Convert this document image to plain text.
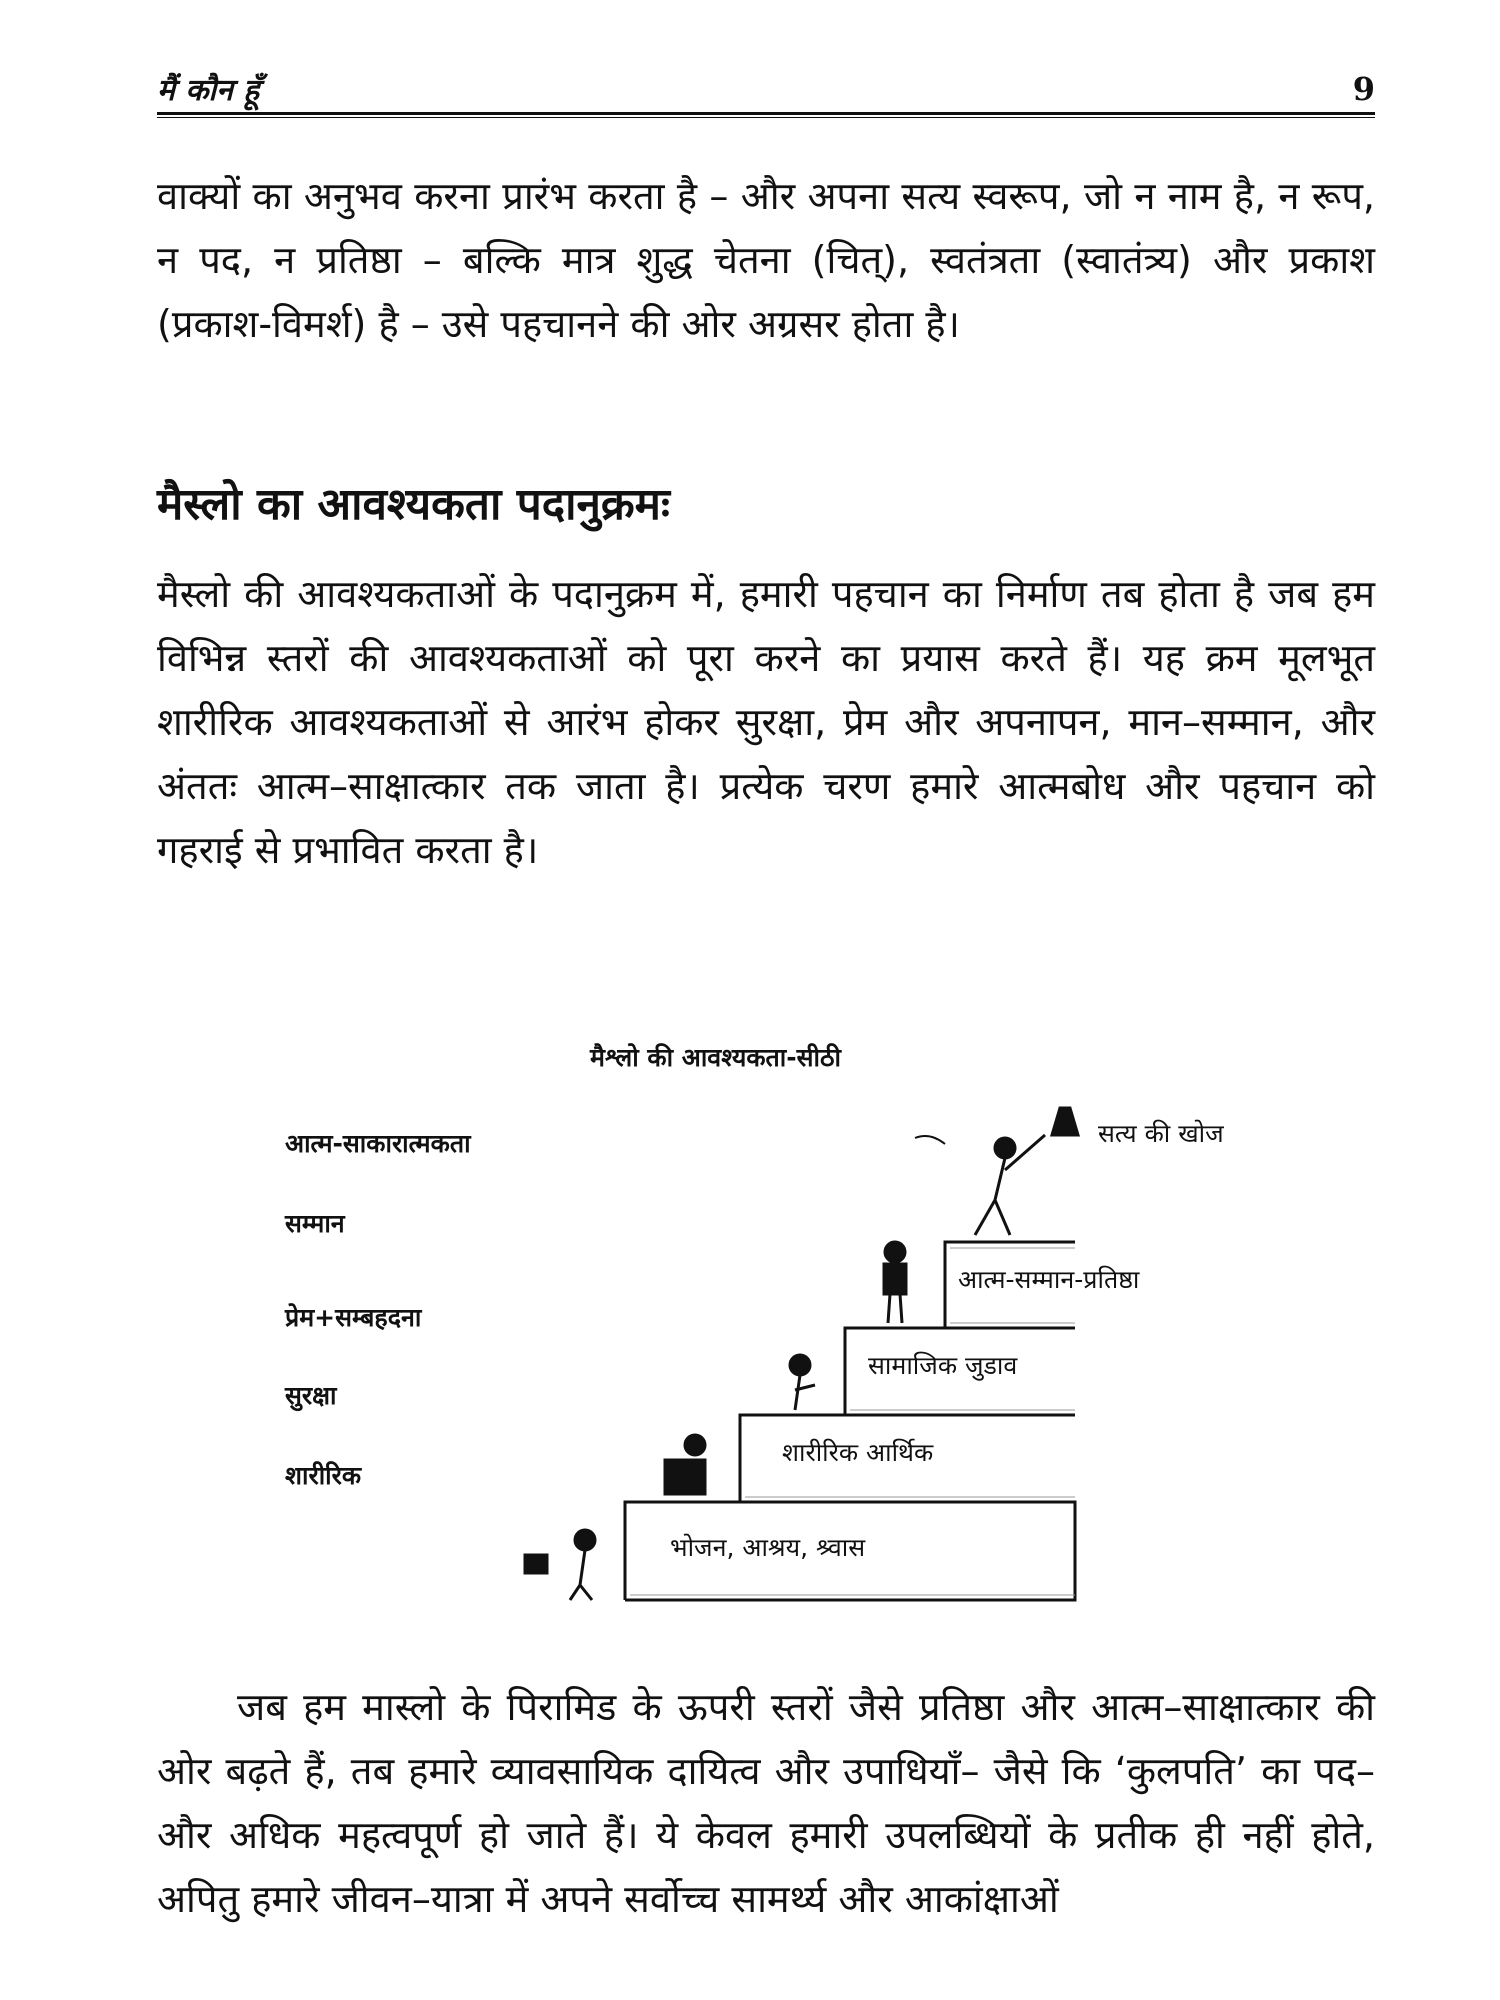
मैं कौन हूँ	9

वाक्यों का अनुभव करना प्रारंभ करता है – और अपना सत्य स्वरूप, जो न नाम है, न रूप, न पद, न प्रतिष्ठा – बल्कि मात्र शुद्ध चेतना (चित्), स्वतंत्रता (स्वातंत्र्य) और प्रकाश (प्रकाश-विमर्श) है – उसे पहचानने की ओर अग्रसर होता है।

मैस्लो का आवश्यकता पदानुक्रमः

मैस्लो की आवश्यकताओं के पदानुक्रम में, हमारी पहचान का निर्माण तब होता है जब हम विभिन्न स्तरों की आवश्यकताओं को पूरा करने का प्रयास करते हैं। यह क्रम मूलभूत शारीरिक आवश्यकताओं से आरंभ होकर सुरक्षा, प्रेम और अपनापन, मान–सम्मान, और अंततः आत्म–साक्षात्कार तक जाता है। प्रत्येक चरण हमारे आत्मबोध और पहचान को गहराई से प्रभावित करता है।

मैश्लो की आवश्यकता-सीठी
आत्म-साकारात्मकता
सम्मान
प्रेम+सम्बहदना
सुरक्षा
शारीरिक
सत्य की खोज
आत्म-सम्मान-प्रतिष्ठा
सामाजिक जुडाव
शारीरिक आर्थिक
भोजन, आश्रय, श्र्वास

जब हम मास्लो के पिरामिड के ऊपरी स्तरों जैसे प्रतिष्ठा और आत्म–साक्षात्कार की ओर बढ़ते हैं, तब हमारे व्यावसायिक दायित्व और उपाधियाँ– जैसे कि ‘कुलपति’ का पद–और अधिक महत्वपूर्ण हो जाते हैं। ये केवल हमारी उपलब्धियों के प्रतीक ही नहीं होते, अपितु हमारे जीवन–यात्रा में अपने सर्वोच्च सामर्थ्य और आकांक्षाओं
